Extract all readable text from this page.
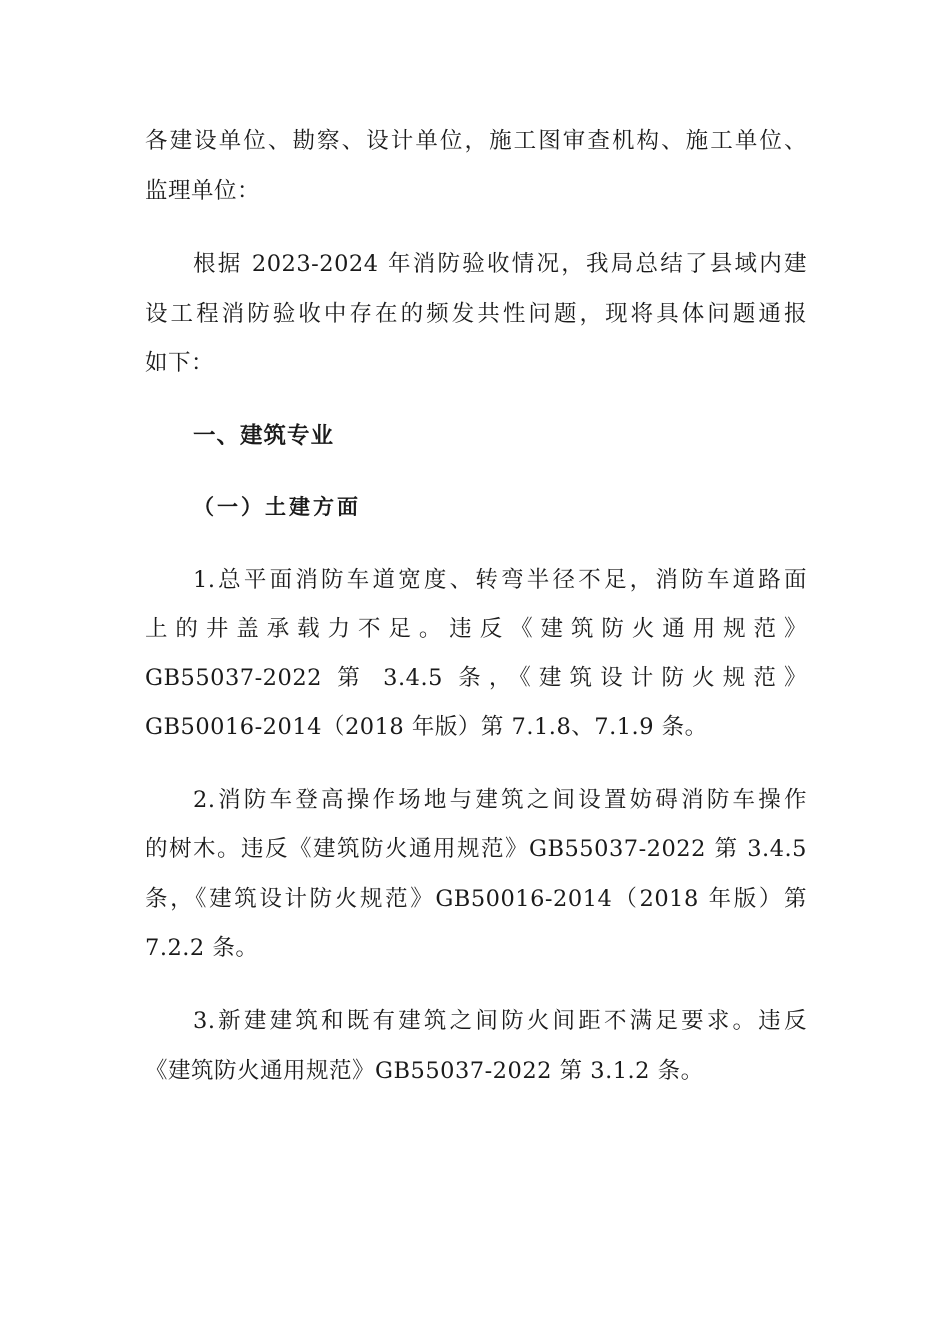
各建设单位、勘察、设计单位，施工图审查机构、施工单位、

监理单位：

根据 2023-2024 年消防验收情况，我局总结了县域内建

设工程消防验收中存在的频发共性问题，现将具体问题通报

如下：

一、建筑专业

（一）土建方面

1.总平面消防车道宽度、转弯半径不足，消防车道路面

上的井盖承载力不足。违反《建筑防火通用规范》

GB55037-2022 第 3.4.5 条，《建筑设计防火规范》

GB50016-2014（2018 年版）第 7.1.8、7.1.9 条。

2.消防车登高操作场地与建筑之间设置妨碍消防车操作

的树木。违反《建筑防火通用规范》GB55037-2022 第 3.4.5

条，《建筑设计防火规范》GB50016-2014（2018 年版）第

7.2.2 条。

3.新建建筑和既有建筑之间防火间距不满足要求。违反

《建筑防火通用规范》GB55037-2022 第 3.1.2 条。
